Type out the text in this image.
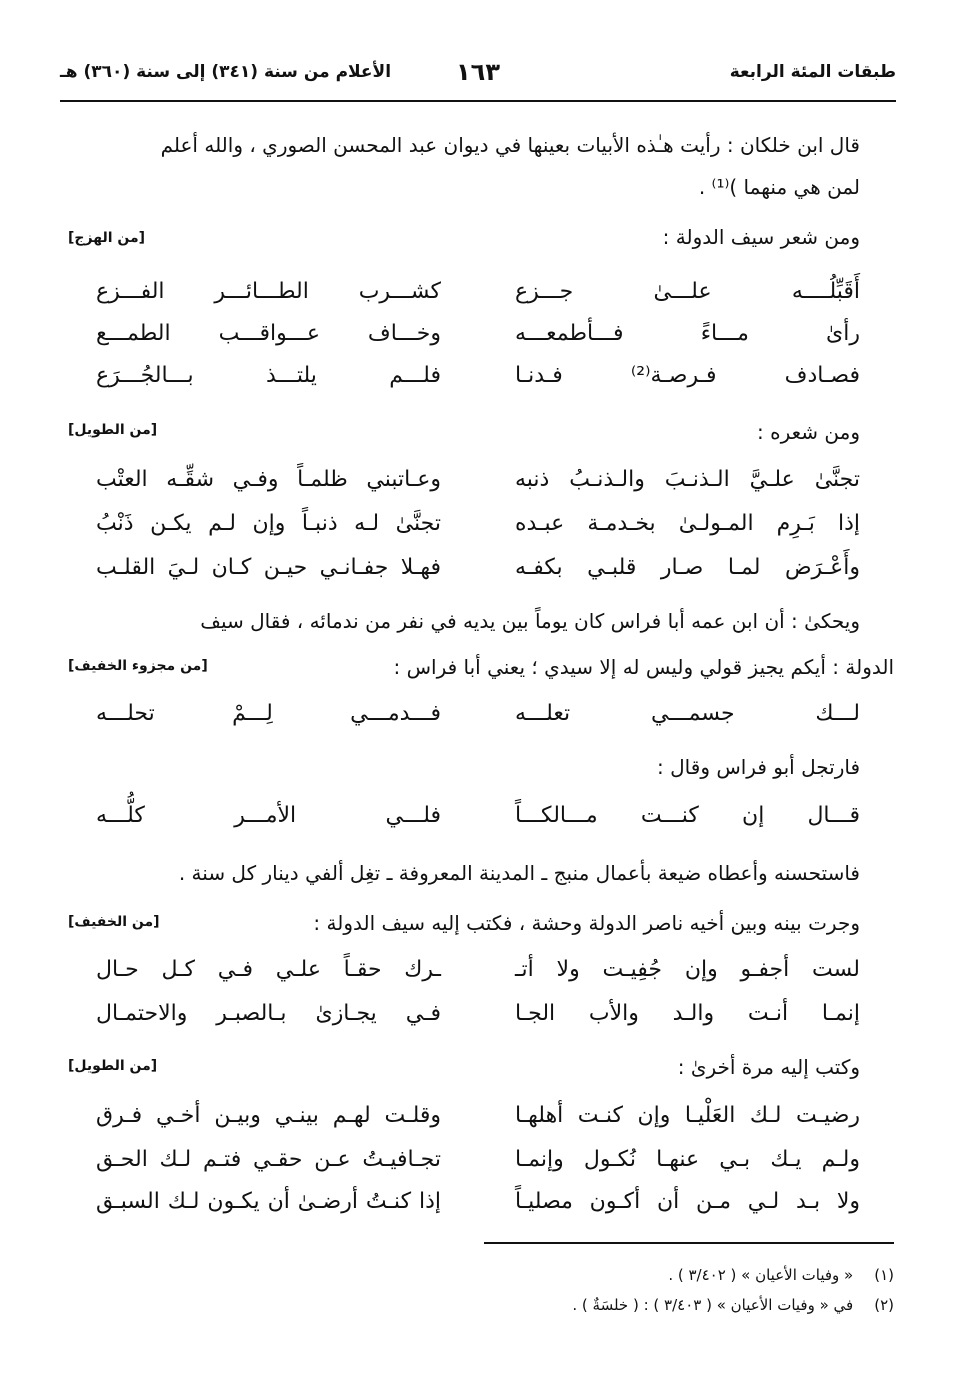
طبقات المئة الرابعة
١٦٣
الأعلام من سنة (٣٤١) إلى سنة (٣٦٠) هـ
قال ابن خلكان : رأيت هـٰذه الأبيات بعينها في ديوان عبد المحسن الصوري ، والله أعلم
لمن هي منهما )⁽¹⁾ .
ومن شعر سيف الدولة :
[من الهزج]
أَقَبِّلُــــه علـــىٰ جـــزع
كشـــرب الطـــائـــر الفـــزع
رأىٰ مـــاءً فـــأطمعـــه
وخـــاف عـــواقـــب الطمـــع
فصـادف فـرصـة⁽²⁾ فـدنـا
فلـــم يلتـــذ بـــالجُـــرَع
ومن شعره :
[من الطويل]
تجنَّىٰ علـيَّ الـذنـبَ والـذنـبُ ذنبه
وعـاتبني ظلمـاً وفـي شقِّـه العتْب
إذا بَـرِم المـولـىٰ بخـدمـة عبـده
تجنَّىٰ لـه ذنبـاً وإن لـم يكـن ذَنْبُ
وأَعْـرَض لمـا صـار قلبـي بكفـه
فهـلا جفـانـي حيـن كـان لـيَ القلـب
ويحكىٰ : أن ابن عمه أبا فراس كان يوماً بين يديه في نفر من ندمائه ، فقال سيف
الدولة : أيكم يجيز قولي وليس له إلا سيدي ؛ يعني أبا فراس :
[من مجزوء الخفيف]
لـــك جسمـــي تعلـــه
فـــدمـــي لِـــمْ تحلـــه
فارتجل أبو فراس وقال :
قـــال إن كنـــت مـــالكـــاً
فلـــي الأمـــر كلُّـــه
فاستحسنه وأعطاه ضيعة بأعمال منبج ـ المدينة المعروفة ـ تغِل ألفي دينار كل سنة .
وجرت بينه وبين أخيه ناصر الدولة وحشة ، فكتب إليه سيف الدولة :
[من الخفيف]
لست أجفـو وإن جُفِيـت ولا أتـ
ـرك حقـاً علـي فـي كـل حـال
إنمـا أنـت والـد والأب الجـا
فـي يجـازىٰ بـالصبـر والاحتمـال
وكتب إليه مرة أخرىٰ :
[من الطويل]
رضيـت لـك العَلْيـا وإن كنـت أهلهـا
وقلـت لهـم بينـي وبيـن أخـي فـرق
ولـم يـك بـي عنهـا نُكـول وإنمـا
تجـافيـتُ عـن حقـي فتـم لـك الحـق
ولا بـد لـي مـن أن أكـون مصليـاً
إذا كنـتُ أرضـىٰ أن يكـون لـك السبـق
(١) « وفيات الأعيان » ( ٣/٤٠٢ ) .
(٢) في « وفيات الأعيان » ( ٣/٤٠٣ ) : ( خلسَةٌ ) .
